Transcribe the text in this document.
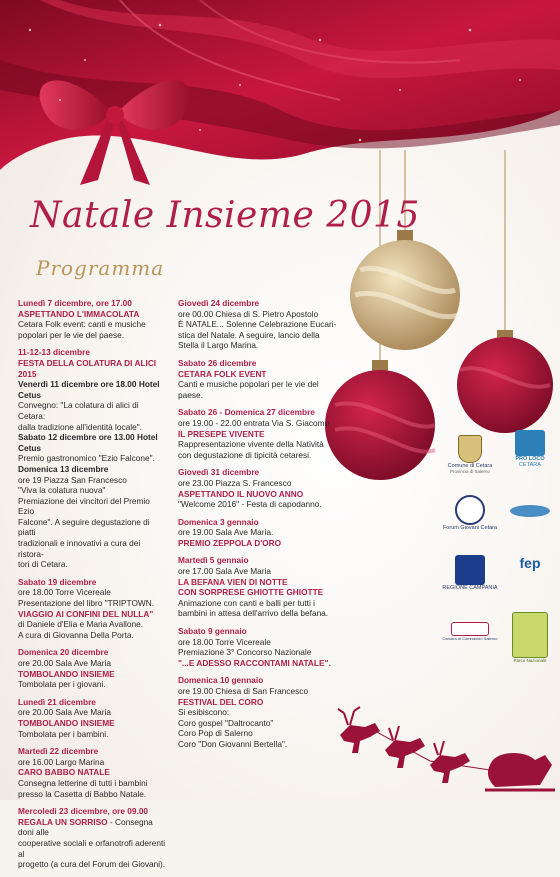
Natale Insieme 2015
Programma
Lunedì 7 dicembre, ore 17.00
ASPETTANDO L'IMMACOLATA
Cetara Folk event: canti e musiche
popolari per le vie del paese.
11-12-13 dicembre
FESTA DELLA COLATURA DI ALICI 2015
Venerdì 11 dicembre ore 18.00 Hotel Cetus
Convegno: "La colatura di alici di Cetara:
dalla tradizione all'identità locale".
Sabato 12 dicembre ore 13.00 Hotel Cetus
Premio gastronomico "Ezio Falcone".
Domenica 13 dicembre
ore 19 Piazza San Francesco
"Viva la colatura nuova"
Premiazione dei vincitori del Premio Ezio
Falcone". A seguire degustazione di piatti
tradizionali e innovativi a cura dei ristora-
tori di Cetara.
Sabato 19 dicembre
ore 18.00 Torre Vicereale
Presentazione del libro "TRIPTOWN.
VIAGGIO AI CONFINI DEL NULLA"
di Daniele d'Elia e Maria Avallone.
A cura di Giovanna Della Porta.
Domenica 20 dicembre
ore 20.00 Sala Ave Maria
TOMBOLANDO INSIEME
Tombolata per i giovani.
Lunedì 21 dicembre
ore 20.00 Sala Ave Maria
TOMBOLANDO INSIEME
Tombolata per i bambini.
Martedì 22 dicembre
ore 16.00 Largo Marina
CARO BABBO NATALE
Consegna letterine di tutti i bambini
presso la Casetta di Babbo Natale.
Mercoledì 23 dicembre, ore 09.00
REGALA UN SORRISO - Consegna doni alle
cooperative sociali e orfanotrofi aderenti al
progetto (a cura del Forum dei Giovani).
Giovedì 24 dicembre
ore 00.00 Chiesa di S. Pietro Apostolo
È NATALE... Solenne Celebrazione Eucari-
stica del Natale. A seguire, lancio della
Stella il Largo Marina.
Sabato 26 dicembre
CETARA FOLK EVENT
Canti e musiche popolari per le vie del
paese.
Sabato 26 - Domenica 27 dicembre
ore 19.00 - 22.00 entrata Via S. Giacomo
IL PRESEPE VIVENTE
Rappresentazione vivente della Natività
con degustazione di tipicità cetaresi.
Giovedì 31 dicembre
ore 23.00 Piazza S. Francesco
ASPETTANDO IL NUOVO ANNO
"Welcome 2016" - Festa di capodanno.
Domenica 3 gennaio
ore 19.00 Sala Ave Maria.
PREMIO ZEPPOLA D'ORO
Martedì 5 gennaio
ore 17.00 Sala Ave Maria
LA BEFANA VIEN DI NOTTE
CON SORPRESE GHIOTTE GHIOTTE
Animazione con canti e balli per tutti i
bambini in attesa dell'arrivo della befana.
Sabato 9 gennaio
ore 18.00 Torre Vicereale
Premiazione 3° Concorso Nazionale
"...E ADESSO RACCONTAMI NATALE".
Domenica 10 gennaio
ore 19.00 Chiesa di San Francesco
FESTIVAL DEL CORO
Si esibiscono:
Coro gospel "Daltrocanto"
Coro Pop di Salerno
Coro "Don Giovanni Bertella".
Comune di Cetara
Provincia di Salerno
PRO LOCO
CETARA
Forum Giovani Cetara
REGIONE CAMPANIA
fep
Camera di Commercio Salerno
Parco Nazionale
